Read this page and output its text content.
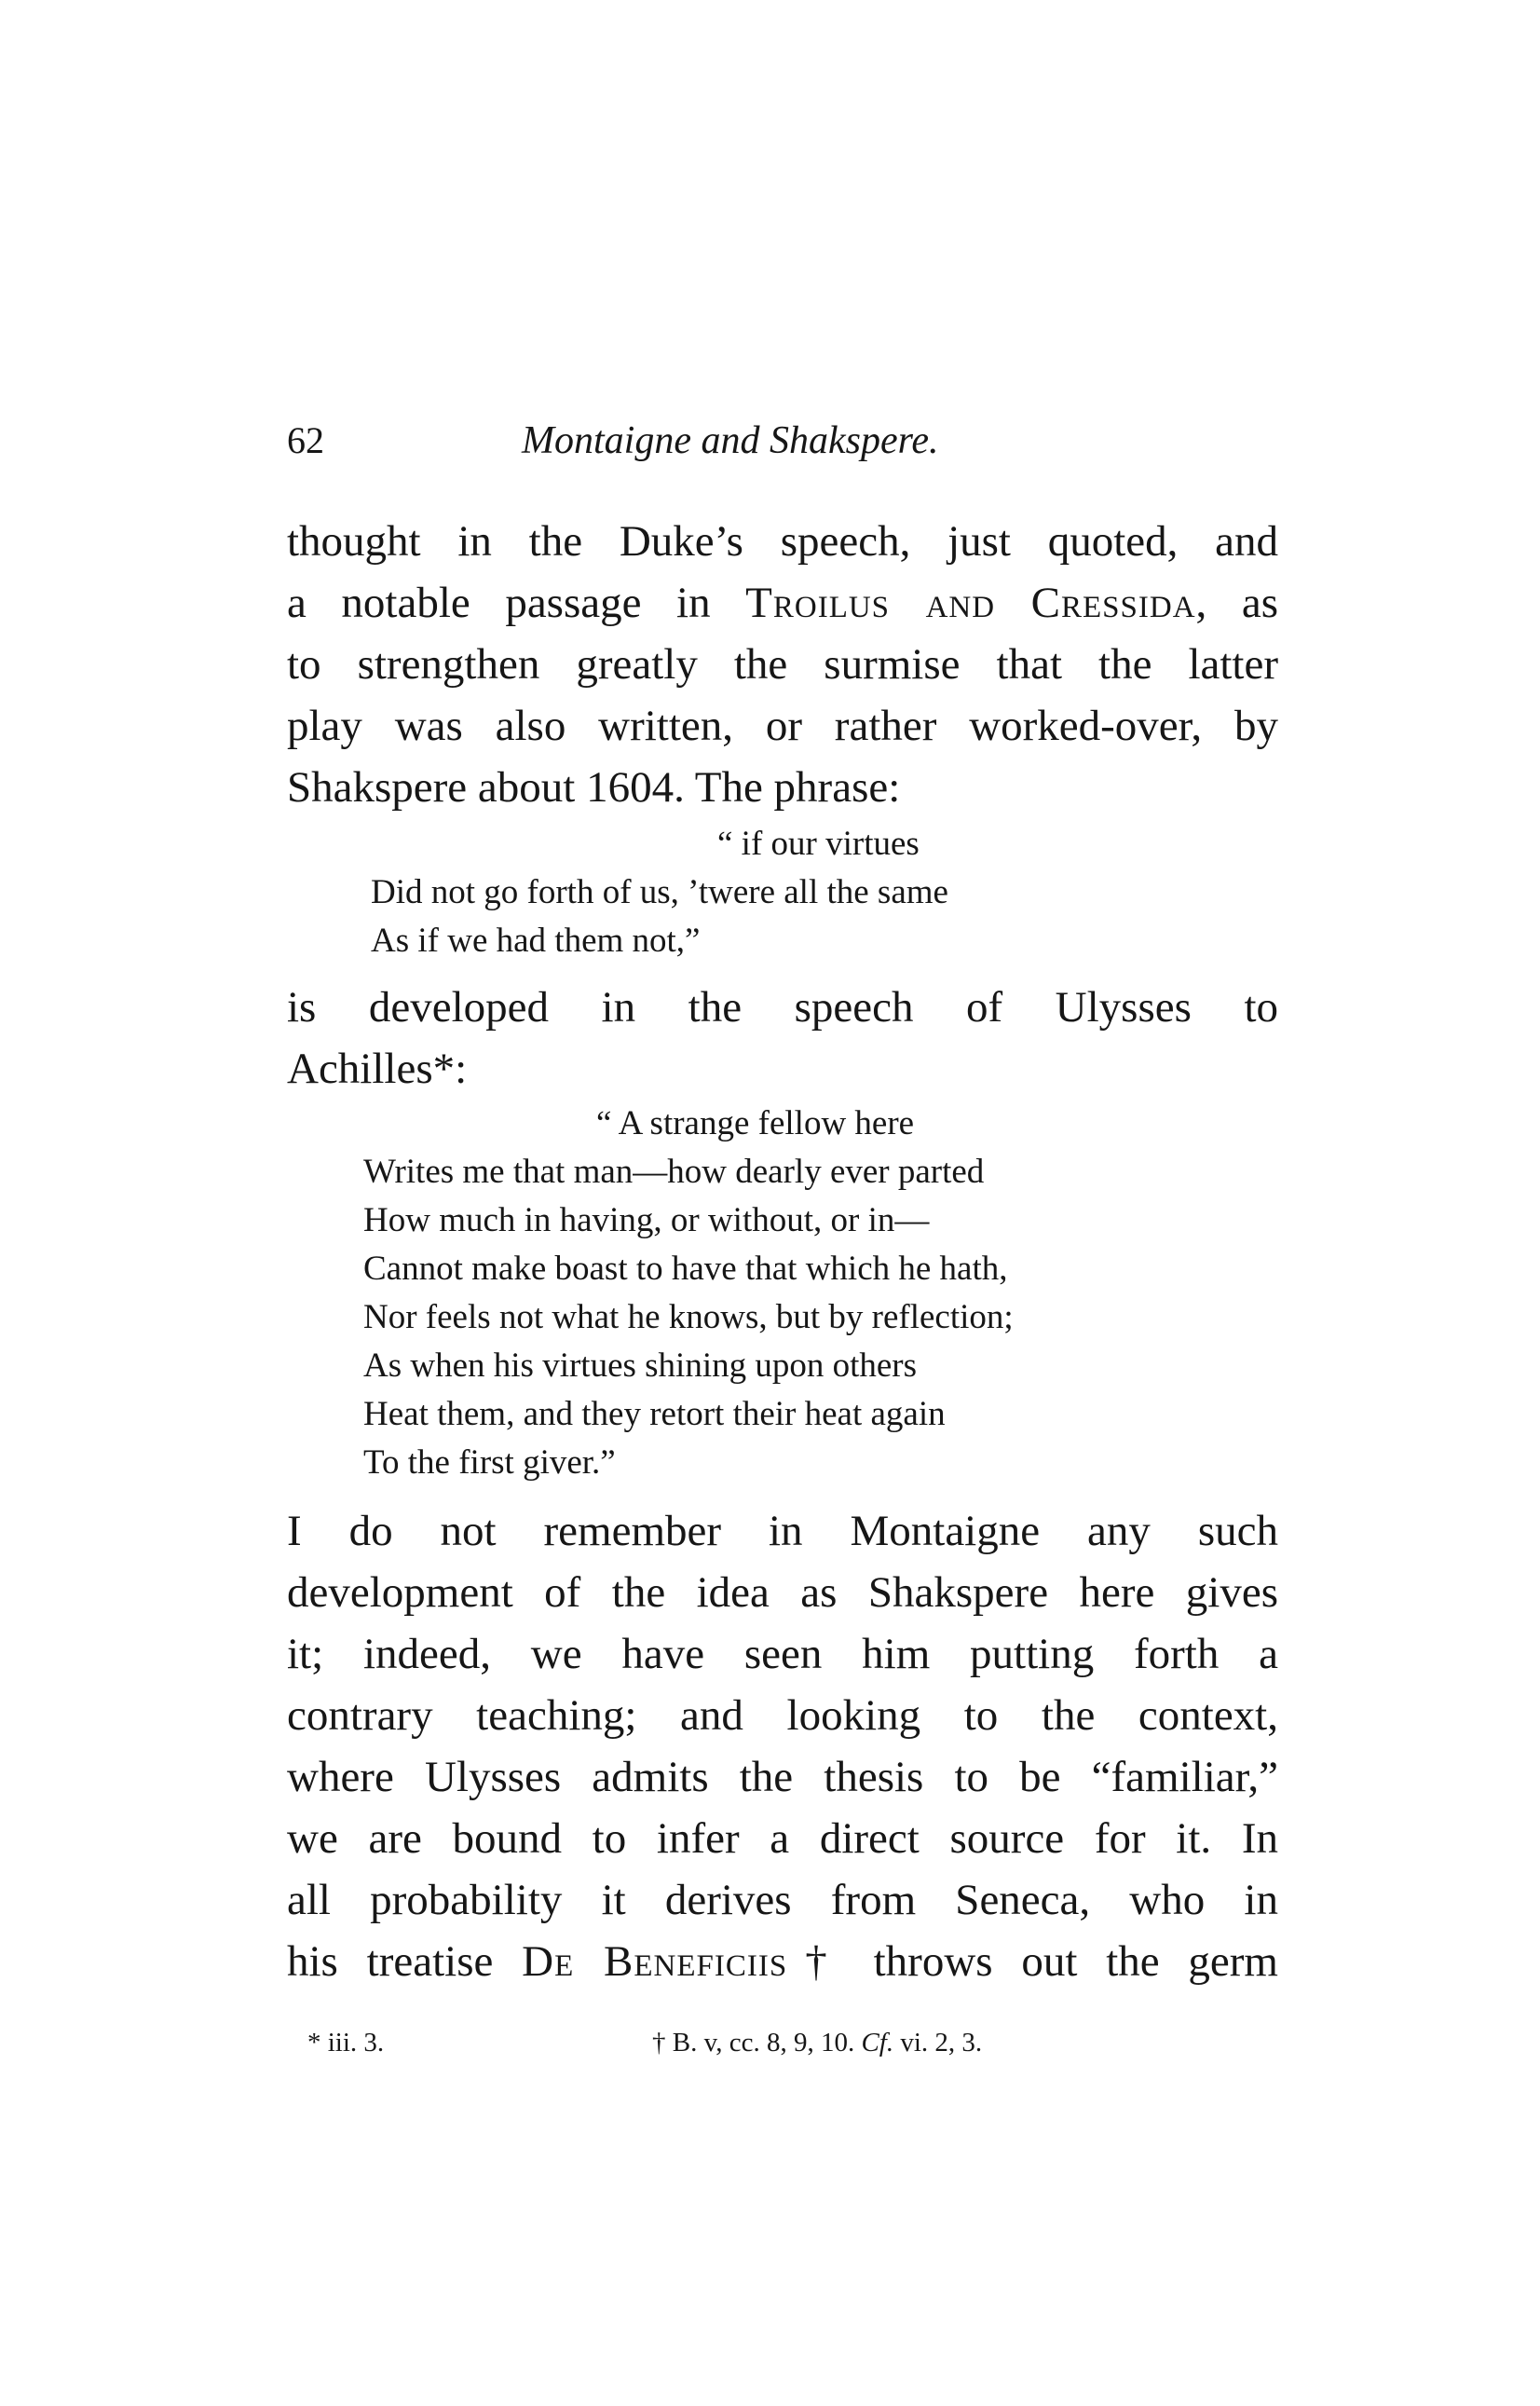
62	Montaigne and Shakspere.
thought in the Duke’s speech, just quoted, and
a notable passage in Troilus and Cressida, as
to strengthen greatly the surmise that the latter
play was also written, or rather worked-over, by
Shakspere about 1604. The phrase:
“ if our virtues
Did not go forth of us, ’twere all the same
As if we had them not,”
is developed in the speech of Ulysses to
Achilles*:
“ A strange fellow here
Writes me that man—how dearly ever parted
How much in having, or without, or in—
Cannot make boast to have that which he hath,
Nor feels not what he knows, but by reflection;
As when his virtues shining upon others
Heat them, and they retort their heat again
To the first giver.”
I do not remember in Montaigne any such
development of the idea as Shakspere here gives
it; indeed, we have seen him putting forth a
contrary teaching; and looking to the context,
where Ulysses admits the thesis to be “familiar,”
we are bound to infer a direct source for it. In
all probability it derives from Seneca, who in
his treatise De Beneficiis† throws out the germ
* iii. 3.	† B. v, cc. 8, 9, 10. Cf. vi. 2, 3.
